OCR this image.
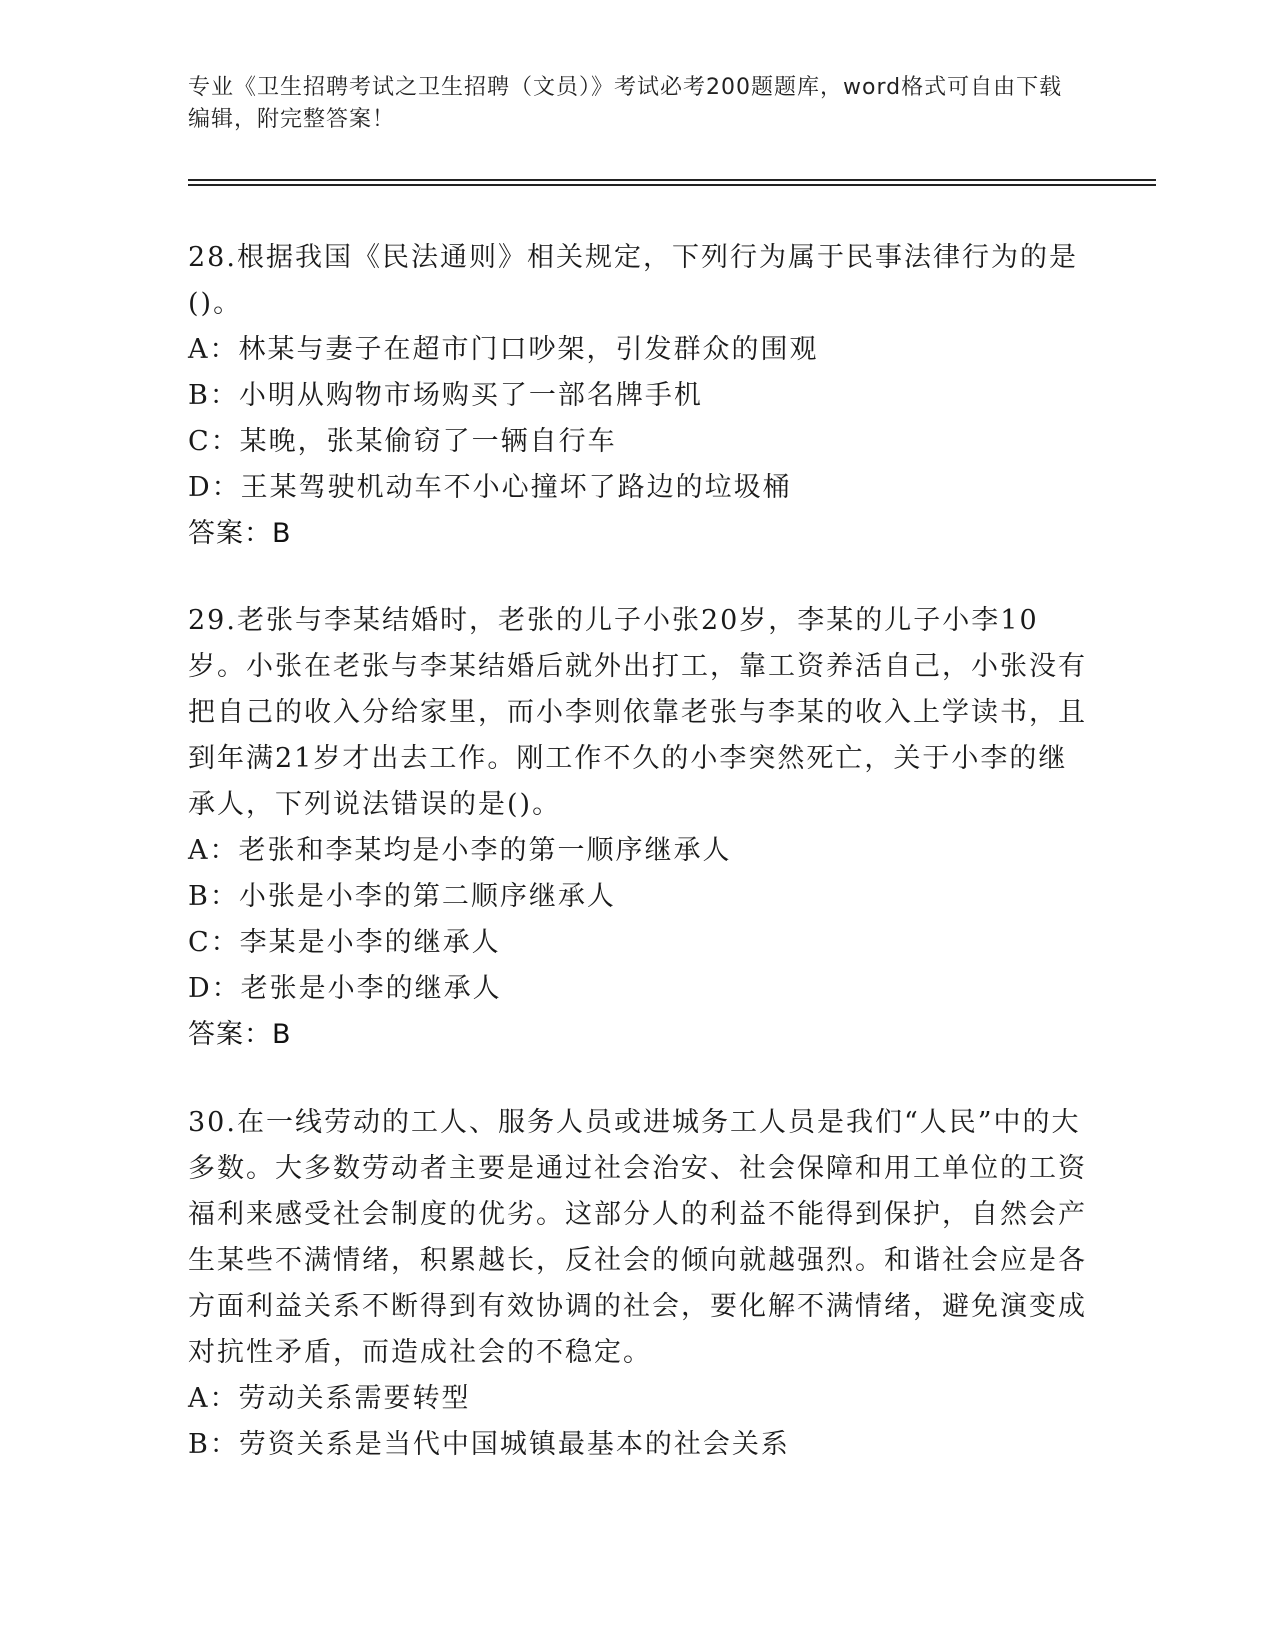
专业《卫生招聘考试之卫生招聘（文员）》考试必考200题题库，word格式可自由下载编辑，附完整答案！

28.根据我国《民法通则》相关规定，下列行为属于民事法律行为的是()。

A：林某与妻子在超市门口吵架，引发群众的围观
B：小明从购物市场购买了一部名牌手机
C：某晚，张某偷窃了一辆自行车
D：王某驾驶机动车不小心撞坏了路边的垃圾桶
答案：B

29.老张与李某结婚时，老张的儿子小张20岁，李某的儿子小李10岁。小张在老张与李某结婚后就外出打工，靠工资养活自己，小张没有把自己的收入分给家里，而小李则依靠老张与李某的收入上学读书，且到年满21岁才出去工作。刚工作不久的小李突然死亡，关于小李的继承人，下列说法错误的是()。

A：老张和李某均是小李的第一顺序继承人
B：小张是小李的第二顺序继承人
C：李某是小李的继承人
D：老张是小李的继承人
答案：B

30.在一线劳动的工人、服务人员或进城务工人员是我们“人民”中的大多数。大多数劳动者主要是通过社会治安、社会保障和用工单位的工资福利来感受社会制度的优劣。这部分人的利益不能得到保护，自然会产生某些不满情绪，积累越长，反社会的倾向就越强烈。和谐社会应是各方面利益关系不断得到有效协调的社会，要化解不满情绪，避免演变成对抗性矛盾，而造成社会的不稳定。

A：劳动关系需要转型
B：劳资关系是当代中国城镇最基本的社会关系
